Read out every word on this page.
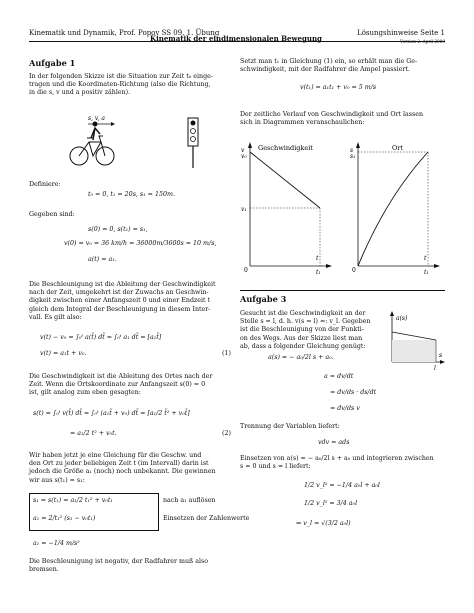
Kinematik und Dynamik, Prof. Popov SS 09, 1. Übung	Lösungshinweise Seite 1
Kinematik der eindimensionalen Bewegung	Version 2. April 2009
Aufgabe 1
In der folgenden Skizze ist die Situation zur Zeit t₀ einge-
tragen und die Koordinaten-Richtung (also die Richtung,
in die s, v und a positiv zählen).
s, v, a
Definiere:
t₀ = 0, t₁ = 20s, s₁ = 150m.
Gegeben sind:
s(0) = 0, s(t₁) = s₁,
v(0) = v₀ = 36 km/h = 36000m/3600s = 10 m/s,
a(t) = a₁.
Die Beschleunigung ist die Ableitung der Geschwindigkeit
nach der Zeit, umgekehrt ist der Zuwachs an Geschwin-
digkeit zwischen einer Anfangszeit 0 und einer Endzeit t
gleich dem Integral der Beschleunigung in diesem Inter-
vall. Es gilt also:
v(t) − v₀ = ∫₀ᵗ a(t̃) dt̃ = ∫₀ᵗ a₁ dt̃ = [a₁t̃]
v(t) = a₁t + v₀.	(1)
Die Geschwindigkeit ist die Ableitung des Ortes nach der
Zeit. Wenn die Ortskoordinate zur Anfangszeit s(0) = 0
ist, gilt analog zum eben gesagten:
s(t) = ∫₀ᵗ v(t̃) dt̃ = ∫₀ᵗ (a₁t̃ + v₀) dt̃ = [a₁/2 t̃² + v₀t̃]
= a₁/2 t² + v₀t.	(2)
Wir haben jetzt je eine Gleichung für die Geschw. und
den Ort zu jeder beliebigen Zeit t (im Intervall) darin ist
jedoch die Größe a₁ (noch) noch unbekannt. Die gewinnen
wir aus s(t₁) = s₁:
s₁ = s(t₁) = a₁/2 t₁² + v₀t₁	nach a₁ auflösen
a₁ = 2/t₁² (s₁ − v₀t₁)	Einsetzen der Zahlenwerte
a₁ = −1/4 m/s²
Die Beschleunigung ist negativ, der Radfahrer muß also
bremsen.
Setzt man t₁ in Gleichung (1) ein, so erhält man die Ge-
schwindigkeit, mit der Radfahrer die Ampel passiert.
v(t₁) = a₁t₁ + v₀ = 5 m/s
Der zeitliche Verlauf von Geschwindigkeit und Ort lassen
sich in Diagrammen veranschaulichen:
v
v₀
v₁
Geschwindigkeit
t
t₁
0
s
s₁
Ort
t
t₁
0
Aufgabe 3
Gesucht ist die Geschwindigkeit an der
Stelle s = l, d. h. v(s = l) =: v_l. Gegeben
ist die Beschleunigung von der Funkti-
on des Wegs. Aus der Skizze liest man
ab, dass a folgender Gleichung genügt:
a(s) = − a₀/2l s + a₀.
a(s)
s
l
a = dv/dt
= dv/ds · ds/dt
= dv/ds v
Trennung der Variablen liefert:
vdv = ads
Einsetzen von a(s) = − a₀/2l s + a₀ und integrieren zwischen
s = 0 und s = l liefert:
1/2 v_l² = −1/4 a₀l + a₀l
1/2 v_l² = 3/4 a₀l
⇒ v_l = √(3/2 a₀l)
